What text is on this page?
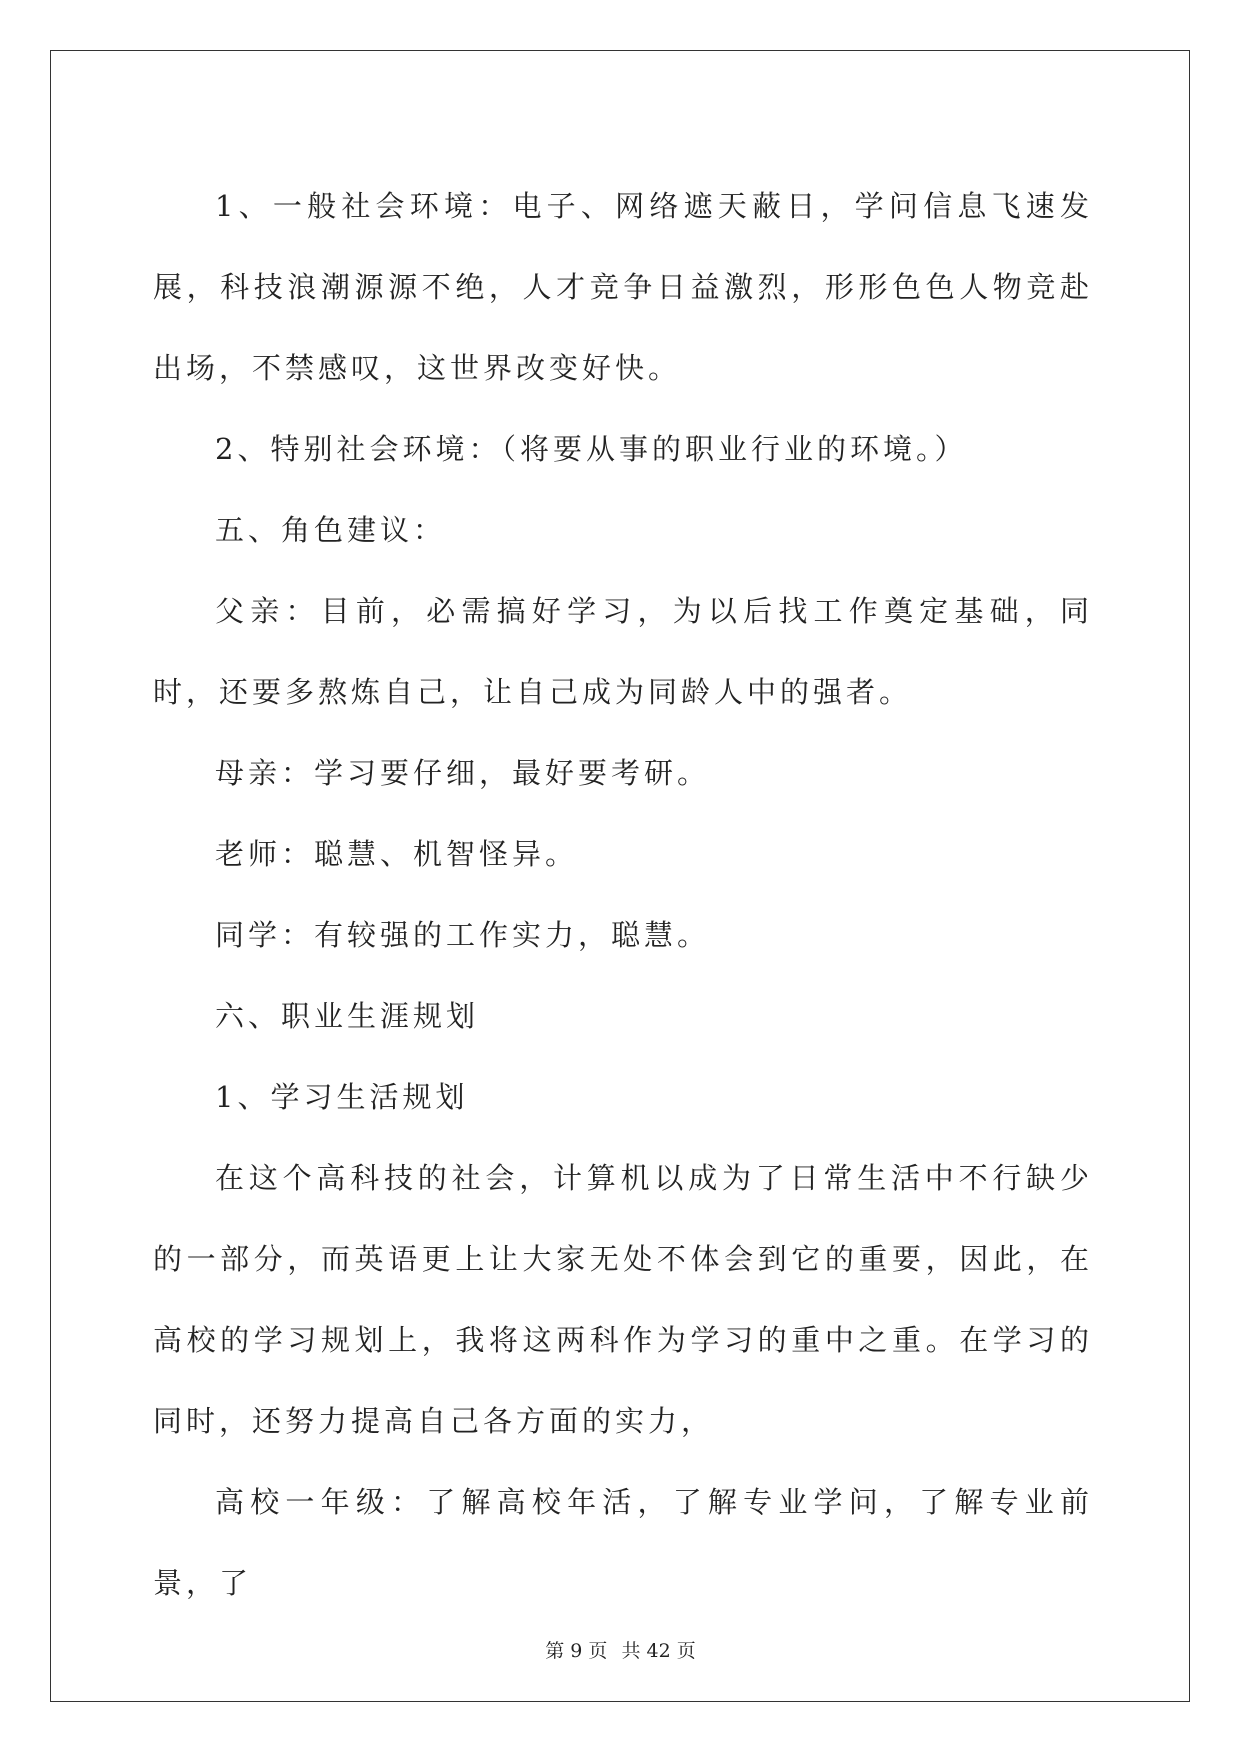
1、一般社会环境：电子、网络遮天蔽日，学问信息飞速发展，科技浪潮源源不绝，人才竞争日益激烈，形形色色人物竞赴出场，不禁感叹，这世界改变好快。

2、特别社会环境：（将要从事的职业行业的环境。）

五、角色建议：

父亲：目前，必需搞好学习，为以后找工作奠定基础，同时，还要多熬炼自己，让自己成为同龄人中的强者。

母亲：学习要仔细，最好要考研。

老师：聪慧、机智怪异。

同学：有较强的工作实力，聪慧。

六、职业生涯规划

1、学习生活规划

在这个高科技的社会，计算机以成为了日常生活中不行缺少的一部分，而英语更上让大家无处不体会到它的重要，因此，在高校的学习规划上，我将这两科作为学习的重中之重。在学习的同时，还努力提高自己各方面的实力，

高校一年级：了解高校年活，了解专业学问，了解专业前景，了

第 9 页 共 42 页
